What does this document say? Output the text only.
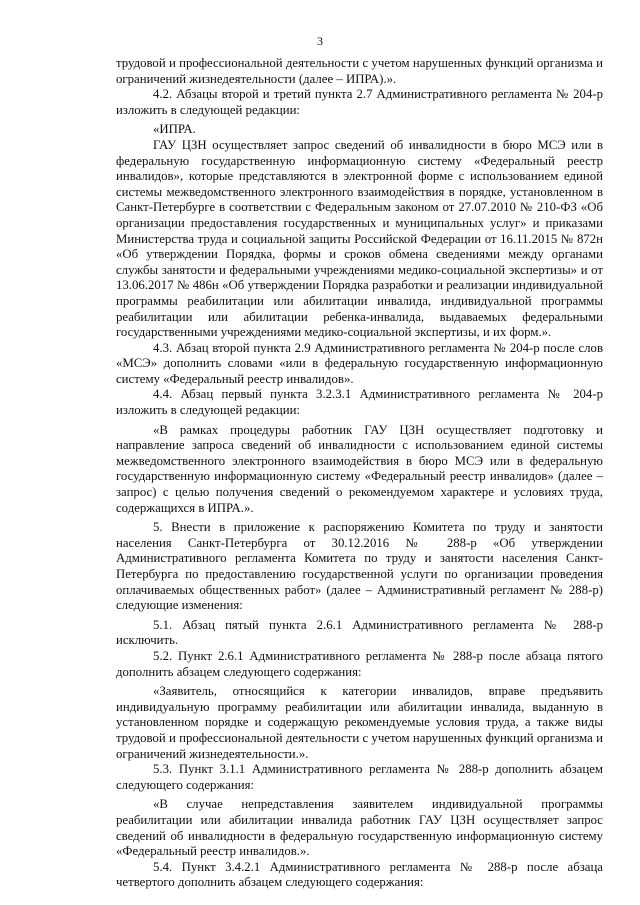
3

трудовой и профессиональной деятельности с учетом нарушенных функций организма и ограничений жизнедеятельности (далее – ИПРА).».

4.2. Абзацы второй и третий пункта 2.7 Административного регламента № 204-р изложить в следующей редакции:

«ИПРА.

ГАУ ЦЗН осуществляет запрос сведений об инвалидности в бюро МСЭ или в федеральную государственную информационную систему «Федеральный реестр инвалидов», которые представляются в электронной форме с использованием единой системы межведомственного электронного взаимодействия в порядке, установленном в Санкт-Петербурге в соответствии с Федеральным законом от 27.07.2010 № 210-ФЗ «Об организации предоставления государственных и муниципальных услуг» и приказами Министерства труда и социальной защиты Российской Федерации от 16.11.2015 № 872н «Об утверждении Порядка, формы и сроков обмена сведениями между органами службы занятости и федеральными учреждениями медико-социальной экспертизы» и от 13.06.2017 № 486н «Об утверждении Порядка разработки и реализации индивидуальной программы реабилитации или абилитации инвалида, индивидуальной программы реабилитации или абилитации ребенка-инвалида, выдаваемых федеральными государственными учреждениями медико-социальной экспертизы, и их форм.».

4.3. Абзац второй пункта 2.9 Административного регламента № 204-р после слов «МСЭ» дополнить словами «или в федеральную государственную информационную систему «Федеральный реестр инвалидов».

4.4. Абзац первый пункта 3.2.3.1 Административного регламента № 204-р изложить в следующей редакции:

«В рамках процедуры работник ГАУ ЦЗН осуществляет подготовку и направление запроса сведений об инвалидности с использованием единой системы межведомственного электронного взаимодействия в бюро МСЭ или в федеральную государственную информационную систему «Федеральный реестр инвалидов» (далее – запрос) с целью получения сведений о рекомендуемом характере и условиях труда, содержащихся в ИПРА.».

5. Внести в приложение к распоряжению Комитета по труду и занятости населения Санкт-Петербурга от 30.12.2016 № 288-р «Об утверждении Административного регламента Комитета по труду и занятости населения Санкт-Петербурга по предоставлению государственной услуги по организации проведения оплачиваемых общественных работ» (далее – Административный регламент № 288-р) следующие изменения:

5.1. Абзац пятый пункта 2.6.1 Административного регламента № 288-р исключить.

5.2. Пункт 2.6.1 Административного регламента № 288-р после абзаца пятого дополнить абзацем следующего содержания:

«Заявитель, относящийся к категории инвалидов, вправе предъявить индивидуальную программу реабилитации или абилитации инвалида, выданную в установленном порядке и содержащую рекомендуемые условия труда, а также виды трудовой и профессиональной деятельности с учетом нарушенных функций организма и ограничений жизнедеятельности.».

5.3. Пункт 3.1.1 Административного регламента № 288-р дополнить абзацем следующего содержания:

«В случае непредставления заявителем индивидуальной программы реабилитации или абилитации инвалида работник ГАУ ЦЗН осуществляет запрос сведений об инвалидности в федеральную государственную информационную систему «Федеральный реестр инвалидов.».

5.4. Пункт 3.4.2.1 Административного регламента № 288-р после абзаца четвертого дополнить абзацем следующего содержания:
